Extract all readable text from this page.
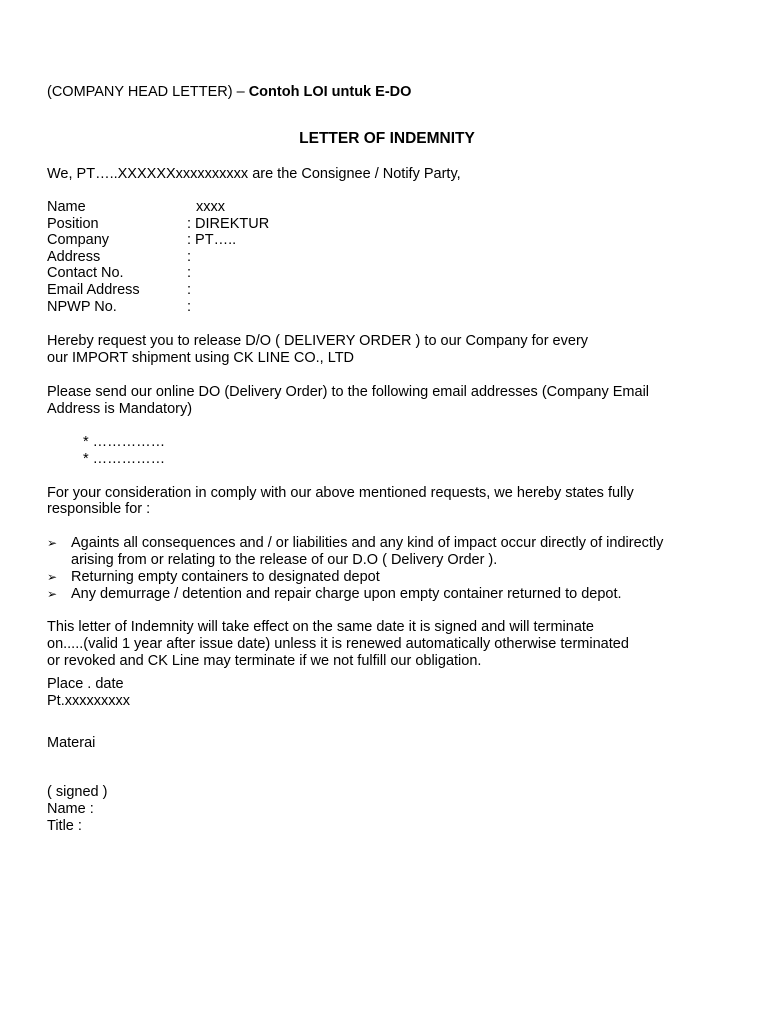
(COMPANY HEAD LETTER) – Contoh LOI untuk E-DO
LETTER OF INDEMNITY
We, PT…..XXXXXXxxxxxxxxxx are the Consignee / Notify Party,
Name	xxxx
Position	: DIREKTUR
Company	: PT…..
Address	:
Contact No.	:
Email Address	:
NPWP No.	:
Hereby request you to release D/O ( DELIVERY ORDER ) to our Company for every
our IMPORT shipment using CK LINE CO., LTD
Please send our online DO (Delivery Order) to the following email addresses (Company Email
Address is Mandatory)
* ……………
* ……………
For your consideration in comply with our above mentioned requests, we hereby states fully
responsible for :
➢ Againts all consequences and / or liabilities and any kind of impact occur directly of indirectly
arising from or relating to the release of our D.O ( Delivery Order ).
➢ Returning empty containers to designated depot
➢ Any demurrage / detention and repair charge upon empty container returned to depot.
This letter of Indemnity will take effect on the same date it is signed and will terminate
on.....(valid 1 year after issue date) unless it is renewed automatically otherwise terminated
or revoked and CK Line may terminate if we not fulfill our obligation.
Place . date
Pt.xxxxxxxxx
Materai
( signed )
Name :
Title :
